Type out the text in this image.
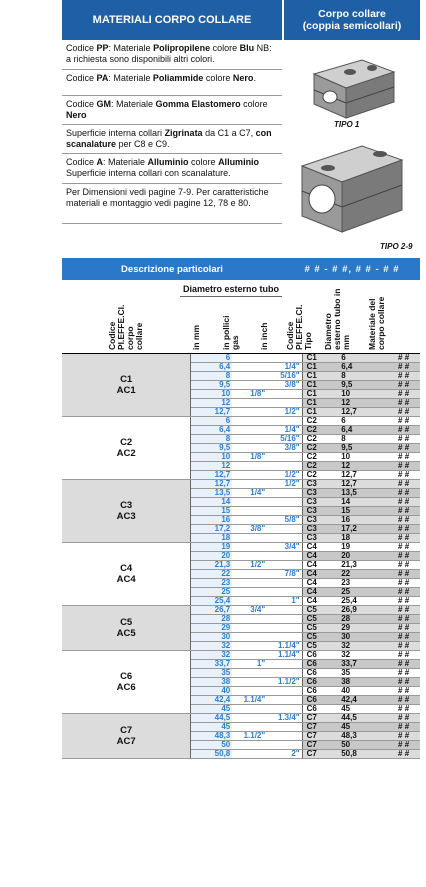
MATERIALI CORPO COLLARE	Corpo collare
(coppia semicollari)
Codice PP: Materiale Polipropilene colore Blu NB: a richiesta sono disponibili altri colori.
Codice PA: Materiale Poliammide colore Nero.
Codice GM: Materiale Gomma Elastomero colore Nero
Superficie interna collari Zigrinata da C1 a C7, con scanalature per C8 e C9.
Codice A: Materiale Alluminio colore Alluminio Superficie interna collari con scanalature.
Per Dimensioni vedi pagine 7-9. Per caratteristiche materiali e montaggio vedi pagine 12, 78 e 80.
TIPO 1
TIPO 2-9
Descrizione particolari	# # - # #, # # - # #
Codice PI.EFFE.CI. corpo collare
Diametro esterno tubo
in mm	in pollici gas in inch	Codice PI.EFFE.CI. Tipo	Diametro esterno tubo in mm	Materiale del corpo collare
C1
AC1	6			C1	6	# #
	6,4		1/4"	C1	6,4	# #
	8		5/16"	C1	8	# #
	9,5		3/8"	C1	9,5	# #
	10	1/8"		C1	10	# #
	12			C1	12	# #
	12,7		1/2"	C1	12,7	# #

C2
AC2	6			C2	6	# #
	6,4		1/4"	C2	6,4	# #
	8		5/16"	C2	8	# #
	9,5		3/8"	C2	9,5	# #
	10	1/8"		C2	10	# #
	12			C2	12	# #
	12,7		1/2"	C2	12,7	# #

C3
AC3	12,7		1/2"	C3	12,7	# #
	13,5	1/4"		C3	13,5	# #
	14			C3	14	# #
	15			C3	15	# #
	16		5/8"	C3	16	# #
	17,2	3/8"		C3	17,2	# #
	18			C3	18	# #

C4
AC4	19		3/4"	C4	19	# #
	20			C4	20	# #
	21,3	1/2"		C4	21,3	# #
	22		7/8"	C4	22	# #
	23			C4	23	# #
	25			C4	25	# #
	25,4		1"	C4	25,4	# #

C5
AC5	26,7	3/4"		C5	26,9	# #
	28			C5	28	# #
	29			C5	29	# #
	30			C5	30	# #
	32		1.1/4"	C5	32	# #

C6
AC6	32		1.1/4"	C6	32	# #
	33,7	1"		C6	33,7	# #
	35			C6	35	# #
	38		1.1/2"	C6	38	# #
	40			C6	40	# #
	42,4	1.1/4"		C6	42,4	# #
	45			C6	45	# #

C7
AC7	44,5		1.3/4"	C7	44,5	# #
	45			C7	45	# #
	48,3	1.1/2"		C7	48,3	# #
	50			C7	50	# #
	50,8		2"	C7	50,8	# #
